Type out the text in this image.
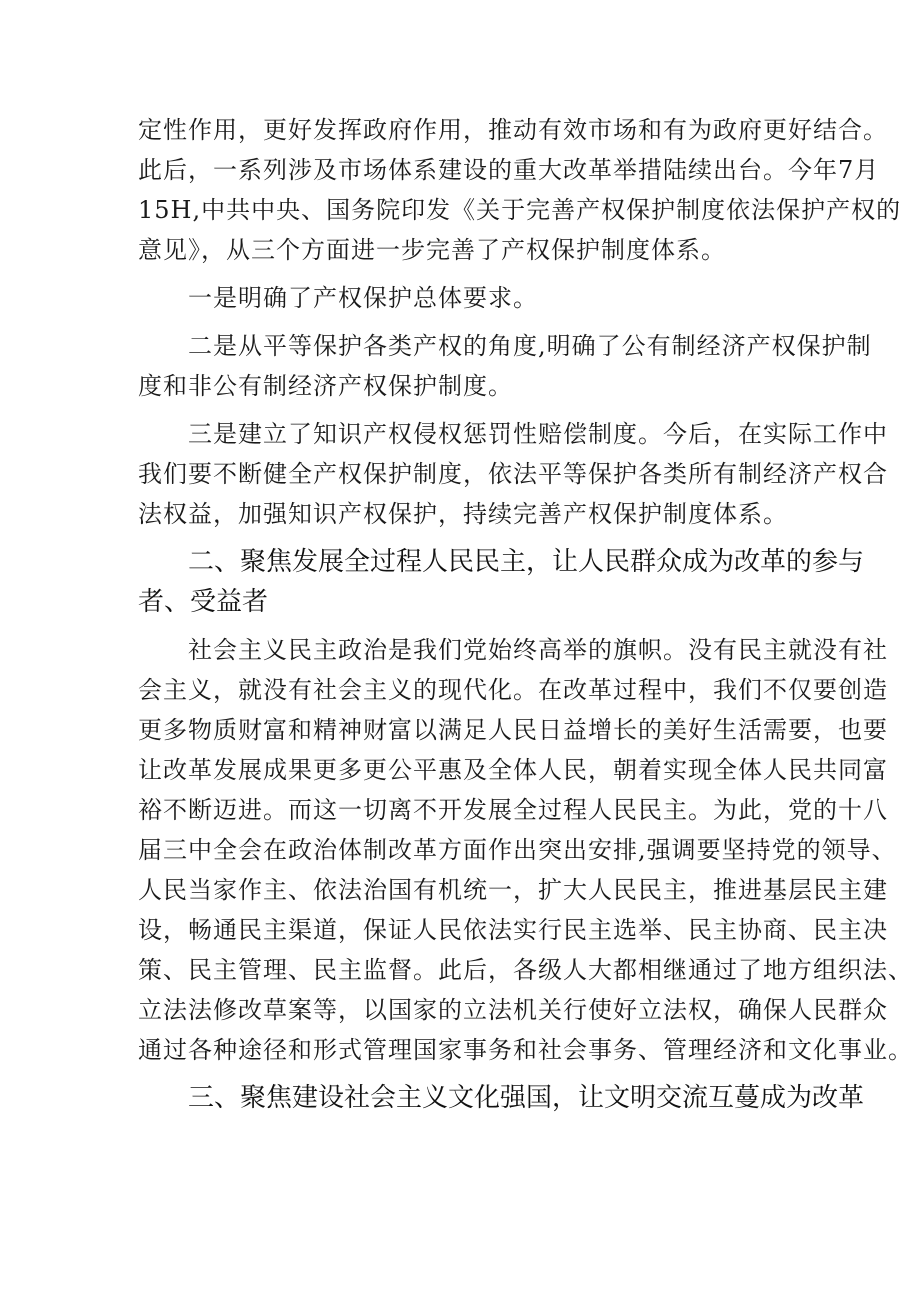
定性作用，更好发挥政府作用，推动有效市场和有为政府更好结合。
此后，一系列涉及市场体系建设的重大改革举措陆续出台。今年7月
15H,中共中央、国务院印发《关于完善产权保护制度依法保护产权的
意见》，从三个方面进一步完善了产权保护制度体系。
一是明确了产权保护总体要求。
二是从平等保护各类产权的角度,明确了公有制经济产权保护制
度和非公有制经济产权保护制度。
三是建立了知识产权侵权惩罚性赔偿制度。今后，在实际工作中
我们要不断健全产权保护制度，依法平等保护各类所有制经济产权合
法权益，加强知识产权保护，持续完善产权保护制度体系。
二、聚焦发展全过程人民民主，让人民群众成为改革的参与
者、受益者
社会主义民主政治是我们党始终高举的旗帜。没有民主就没有社
会主义，就没有社会主义的现代化。在改革过程中，我们不仅要创造
更多物质财富和精神财富以满足人民日益增长的美好生活需要，也要
让改革发展成果更多更公平惠及全体人民，朝着实现全体人民共同富
裕不断迈进。而这一切离不开发展全过程人民民主。为此，党的十八
届三中全会在政治体制改革方面作出突出安排,强调要坚持党的领导、
人民当家作主、依法治国有机统一，扩大人民民主，推进基层民主建
设，畅通民主渠道，保证人民依法实行民主选举、民主协商、民主决
策、民主管理、民主监督。此后，各级人大都相继通过了地方组织法、
立法法修改草案等，以国家的立法机关行使好立法权，确保人民群众
通过各种途径和形式管理国家事务和社会事务、管理经济和文化事业。
三、聚焦建设社会主义文化强国，让文明交流互蔓成为改革
